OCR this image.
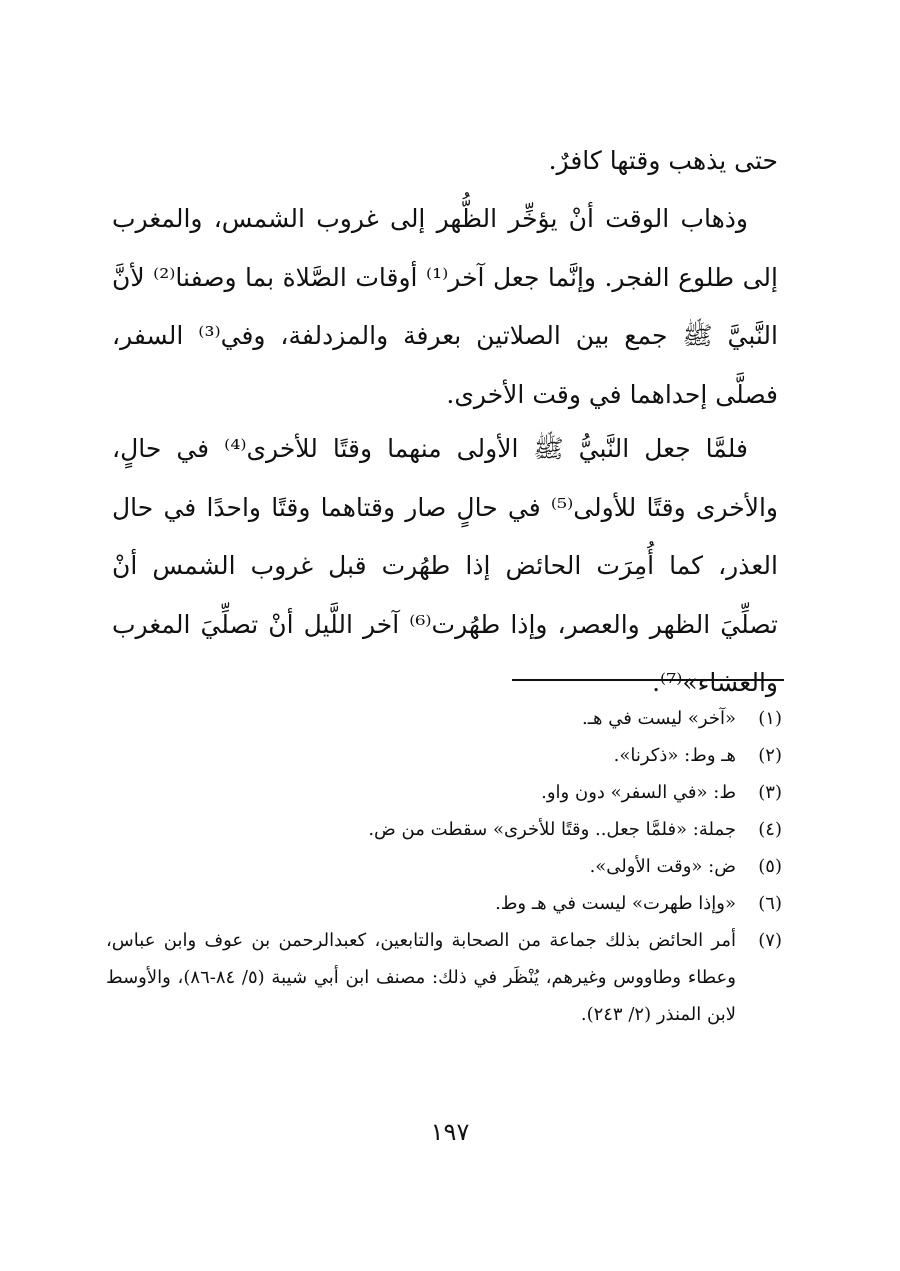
حتى يذهب وقتها كافرٌ.

وذهاب الوقت أنْ يؤخِّر الظُّهر إلى غروب الشمس، والمغرب إلى طلوع الفجر. وإنَّما جعل آخر⁽¹⁾ أوقات الصَّلاة بما وصفنا⁽²⁾ لأنَّ النَّبيَّ ﷺ جمع بين الصلاتين بعرفة والمزدلفة، وفي⁽³⁾ السفر، فصلَّى إحداهما في وقت الأخرى.

فلمَّا جعل النَّبيُّ ﷺ الأولى منهما وقتًا للأخرى⁽⁴⁾ في حالٍ، والأخرى وقتًا للأولى⁽⁵⁾ في حالٍ صار وقتاهما وقتًا واحدًا في حال العذر، كما أُمِرَت الحائض إذا طهُرت قبل غروب الشمس أنْ تصلِّيَ الظهر والعصر، وإذا طهُرت⁽⁶⁾ آخر اللَّيل أنْ تصلِّيَ المغرب والعشاء»⁽⁷⁾.

(١)
«آخر» ليست في هـ.
(٢)
هـ وط: «ذكرنا».
(٣)
ط: «في السفر» دون واو.
(٤)
جملة: «فلمَّا جعل.. وقتًا للأخرى» سقطت من ض.
(٥)
ض: «وقت الأولى».
(٦)
«وإذا طهرت» ليست في هـ وط.
(٧)
أمر الحائض بذلك جماعة من الصحابة والتابعين، كعبدالرحمن بن عوف وابن عباس، وعطاء وطاووس وغيرهم، يُنْظَر في ذلك: مصنف ابن أبي شيبة (٥/ ٨٤-٨٦)، والأوسط لابن المنذر (٢/ ٢٤٣).
١٩٧
